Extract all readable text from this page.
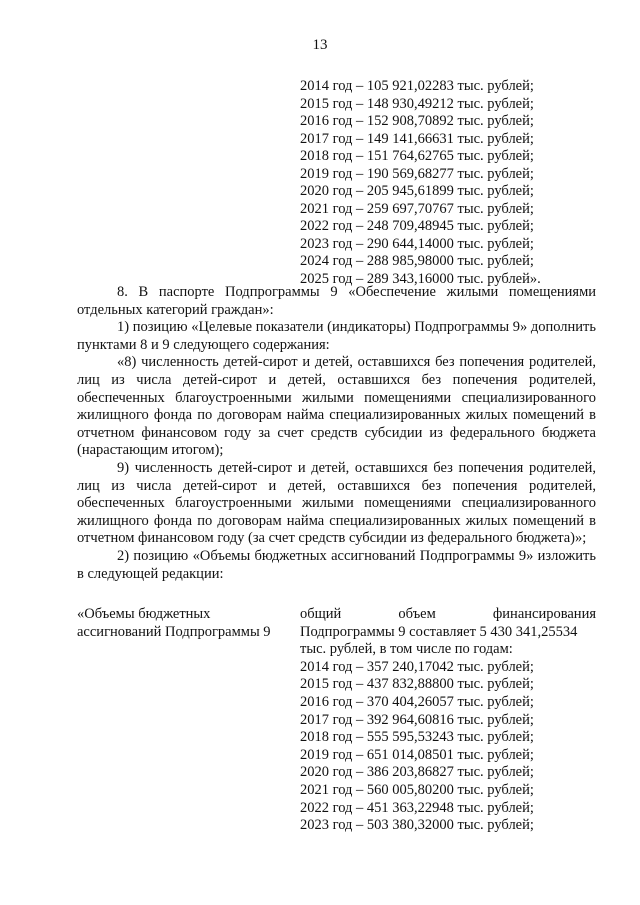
13
2014 год – 105 921,02283 тыс. рублей;
2015 год – 148 930,49212 тыс. рублей;
2016 год – 152 908,70892 тыс. рублей;
2017 год – 149 141,66631 тыс. рублей;
2018 год – 151 764,62765 тыс. рублей;
2019 год – 190 569,68277 тыс. рублей;
2020 год – 205 945,61899 тыс. рублей;
2021 год – 259 697,70767 тыс. рублей;
2022 год – 248 709,48945 тыс. рублей;
2023 год – 290 644,14000 тыс. рублей;
2024 год – 288 985,98000 тыс. рублей;
2025 год – 289 343,16000 тыс. рублей».

8. В паспорте Подпрограммы 9 «Обеспечение жилыми помещениями отдельных категорий граждан»:

1) позицию «Целевые показатели (индикаторы) Подпрограммы 9» дополнить пунктами 8 и 9 следующего содержания:

«8) численность детей-сирот и детей, оставшихся без попечения родителей, лиц из числа детей-сирот и детей, оставшихся без попечения родителей, обеспеченных благоустроенными жилыми помещениями специализированного жилищного фонда по договорам найма специализированных жилых помещений в отчетном финансовом году за счет средств субсидии из федерального бюджета (нарастающим итогом);

9) численность детей-сирот и детей, оставшихся без попечения родителей, лиц из числа детей-сирот и детей, оставшихся без попечения родителей, обеспеченных благоустроенными жилыми помещениями специализированного жилищного фонда по договорам найма специализированных жилых помещений в отчетном финансовом году (за счет средств субсидии из федерального бюджета)»;

2) позицию «Объемы бюджетных ассигнований Подпрограммы 9» изложить в следующей редакции:

«Объемы бюджетных
ассигнований Подпрограммы 9
общий объем финансирования
Подпрограммы 9 составляет 5 430 341,25534
тыс. рублей, в том числе по годам:
2014 год – 357 240,17042 тыс. рублей;
2015 год – 437 832,88800 тыс. рублей;
2016 год – 370 404,26057 тыс. рублей;
2017 год – 392 964,60816 тыс. рублей;
2018 год – 555 595,53243 тыс. рублей;
2019 год – 651 014,08501 тыс. рублей;
2020 год – 386 203,86827 тыс. рублей;
2021 год – 560 005,80200 тыс. рублей;
2022 год – 451 363,22948 тыс. рублей;
2023 год – 503 380,32000 тыс. рублей;
